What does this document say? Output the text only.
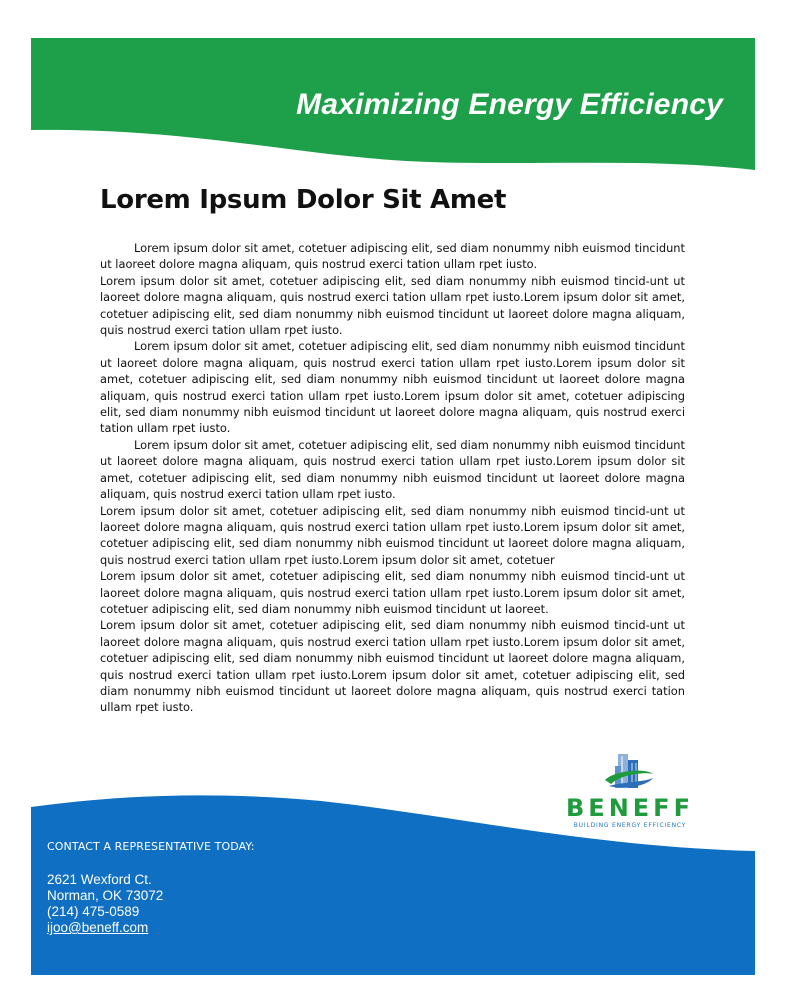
Maximizing Energy Efficiency
Lorem Ipsum Dolor Sit Amet

Lorem ipsum dolor sit amet, cotetuer adipiscing elit, sed diam nonummy nibh euismod tincidunt ut laoreet dolore magna aliquam, quis nostrud exerci tation ullam rpet iusto.

Lorem ipsum dolor sit amet, cotetuer adipiscing elit, sed diam nonummy nibh euismod tincid-unt ut laoreet dolore magna aliquam, quis nostrud exerci tation ullam rpet iusto.Lorem ipsum dolor sit amet, cotetuer adipiscing elit, sed diam nonummy nibh euismod tincidunt ut laoreet dolore magna aliquam, quis nostrud exerci tation ullam rpet iusto.

Lorem ipsum dolor sit amet, cotetuer adipiscing elit, sed diam nonummy nibh euismod tincidunt ut laoreet dolore magna aliquam, quis nostrud exerci tation ullam rpet iusto.Lorem ipsum dolor sit amet, cotetuer adipiscing elit, sed diam nonummy nibh euismod tincidunt ut laoreet dolore magna aliquam, quis nostrud exerci tation ullam rpet iusto.Lorem ipsum dolor sit amet, cotetuer adipiscing elit, sed diam nonummy nibh euismod tincidunt ut laoreet dolore magna aliquam, quis nostrud exerci tation ullam rpet iusto.

Lorem ipsum dolor sit amet, cotetuer adipiscing elit, sed diam nonummy nibh euismod tincidunt ut laoreet dolore magna aliquam, quis nostrud exerci tation ullam rpet iusto.Lorem ipsum dolor sit amet, cotetuer adipiscing elit, sed diam nonummy nibh euismod tincidunt ut laoreet dolore magna aliquam, quis nostrud exerci tation ullam rpet iusto.

Lorem ipsum dolor sit amet, cotetuer adipiscing elit, sed diam nonummy nibh euismod tincid-unt ut laoreet dolore magna aliquam, quis nostrud exerci tation ullam rpet iusto.Lorem ipsum dolor sit amet, cotetuer adipiscing elit, sed diam nonummy nibh euismod tincidunt ut laoreet dolore magna aliquam, quis nostrud exerci tation ullam rpet iusto.Lorem ipsum dolor sit amet, cotetuer

Lorem ipsum dolor sit amet, cotetuer adipiscing elit, sed diam nonummy nibh euismod tincid-unt ut laoreet dolore magna aliquam, quis nostrud exerci tation ullam rpet iusto.Lorem ipsum dolor sit amet, cotetuer adipiscing elit, sed diam nonummy nibh euismod tincidunt ut laoreet.

Lorem ipsum dolor sit amet, cotetuer adipiscing elit, sed diam nonummy nibh euismod tincid-unt ut laoreet dolore magna aliquam, quis nostrud exerci tation ullam rpet iusto.Lorem ipsum dolor sit amet, cotetuer adipiscing elit, sed diam nonummy nibh euismod tincidunt ut laoreet dolore magna aliquam, quis nostrud exerci tation ullam rpet iusto.Lorem ipsum dolor sit amet, cotetuer adipiscing elit, sed diam nonummy nibh euismod tincidunt ut laoreet dolore magna aliquam, quis nostrud exerci tation ullam rpet iusto.

BENEFF
BUILDING ENERGY EFFICIENCY
CONTACT A REPRESENTATIVE TODAY:
2621 Wexford Ct.
Norman, OK 73072
(214) 475-0589
ijoo@beneff.com
